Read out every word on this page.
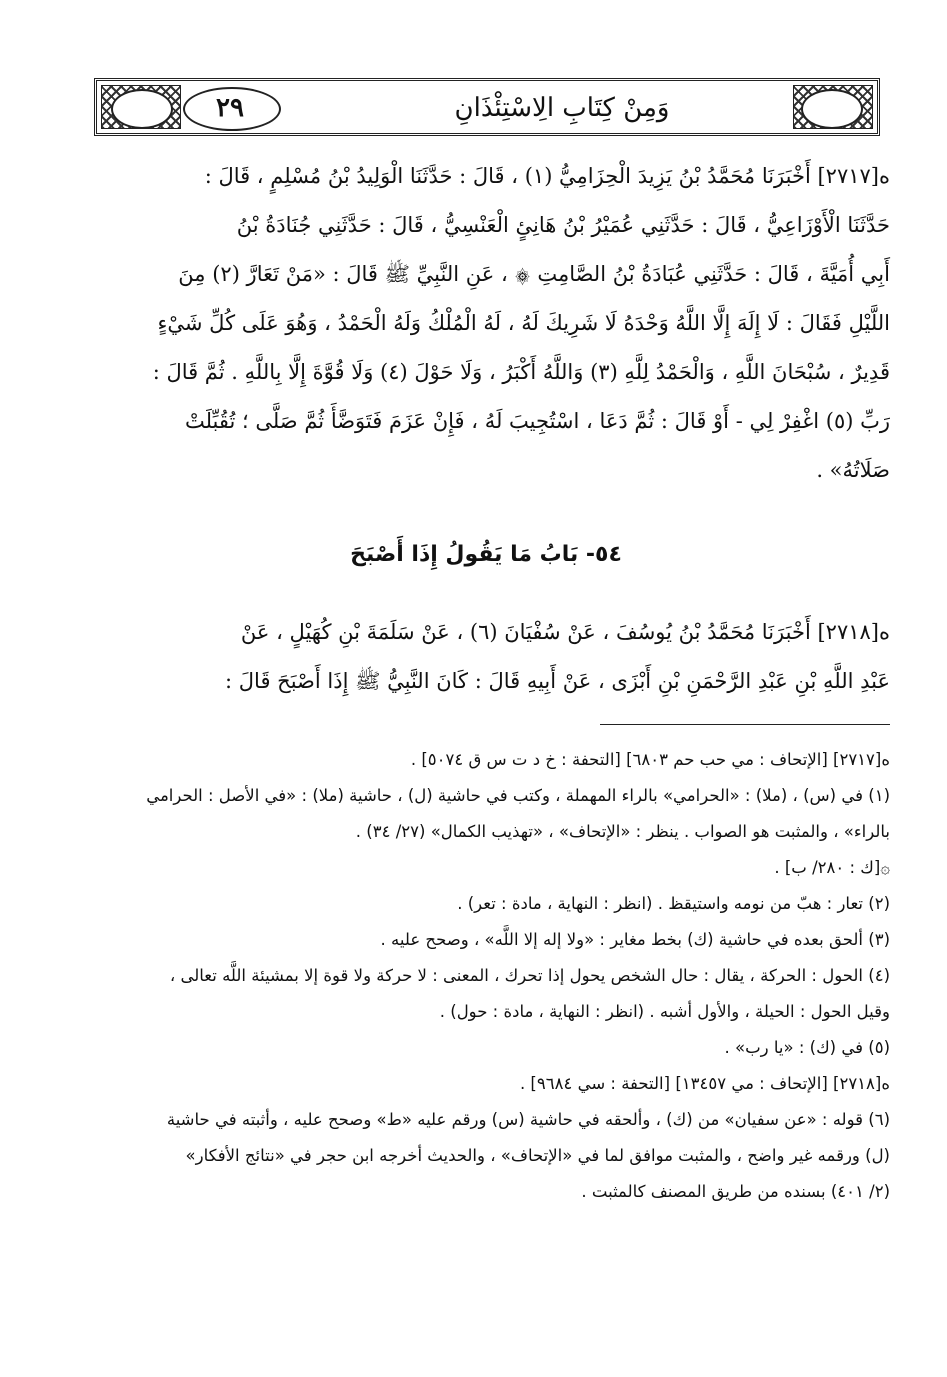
٢٩	وَمِنْ كِتَابِ الِاسْتِئْذَانِ

ه[٢٧١٧] أَخْبَرَنَا مُحَمَّدُ بْنُ يَزِيدَ الْحِزَامِيُّ (١) ، قَالَ : حَدَّثَنَا الْوَلِيدُ بْنُ مُسْلِمٍ ، قَالَ :

حَدَّثَنَا الْأَوْزَاعِيُّ ، قَالَ : حَدَّثَنِي عُمَيْرُ بْنُ هَانِئٍ الْعَنْسِيُّ ، قَالَ : حَدَّثَنِي جُنَادَةُ بْنُ

أَبِي أُمَيَّةَ ، قَالَ : حَدَّثَنِي عُبَادَةُ بْنُ الصَّامِتِ ۞ ، عَنِ النَّبِيِّ ﷺ قَالَ : «مَنْ تَعَارَّ (٢) مِنَ

اللَّيْلِ فَقَالَ : لَا إِلَهَ إِلَّا اللَّهُ وَحْدَهُ لَا شَرِيكَ لَهُ ، لَهُ الْمُلْكُ وَلَهُ الْحَمْدُ ، وَهُوَ عَلَى كُلِّ شَيْءٍ

قَدِيرٌ ، سُبْحَانَ اللَّهِ ، وَالْحَمْدُ لِلَّهِ (٣) وَاللَّهُ أَكْبَرُ ، وَلَا حَوْلَ (٤) وَلَا قُوَّةَ إِلَّا بِاللَّهِ . ثُمَّ قَالَ :

رَبِّ (٥) اغْفِرْ لِي - أَوْ قَالَ : ثُمَّ دَعَا ، اسْتُجِيبَ لَهُ ، فَإِنْ عَزَمَ فَتَوَضَّأَ ثُمَّ صَلَّى ؛ تُقُبِّلَتْ

صَلَاتُهُ» .

٥٤- بَابُ مَا يَقُولُ إِذَا أَصْبَحَ

ه[٢٧١٨] أَخْبَرَنَا مُحَمَّدُ بْنُ يُوسُفَ ، عَنْ سُفْيَانَ (٦) ، عَنْ سَلَمَةَ بْنِ كُهَيْلٍ ، عَنْ

عَبْدِ اللَّهِ بْنِ عَبْدِ الرَّحْمَنِ بْنِ أَبْزَى ، عَنْ أَبِيهِ قَالَ : كَانَ النَّبِيُّ ﷺ إِذَا أَصْبَحَ قَالَ :

ه[٢٧١٧] [الإتحاف : مي حب حم ٦٨٠٣] [التحفة : خ د ت س ق ٥٠٧٤] .

(١) في (س) ، (ملا) : «الحرامي» بالراء المهملة ، وكتب في حاشية (ل) ، حاشية (ملا) : «في الأصل : الحرامي

بالراء» ، والمثبت هو الصواب . ينظر : «الإتحاف» ، «تهذيب الكمال» (٢٧/ ٣٤) .

۞[ك : ٢٨٠/ ب] .

(٢) تعار : هبّ من نومه واستيقظ . (انظر : النهاية ، مادة : تعر) .

(٣) ألحق بعده في حاشية (ك) بخط مغاير : «ولا إله إلا اللَّه» ، وصحح عليه .

(٤) الحول : الحركة ، يقال : حال الشخص يحول إذا تحرك ، المعنى : لا حركة ولا قوة إلا بمشيئة اللَّه تعالى ،

وقيل الحول : الحيلة ، والأول أشبه . (انظر : النهاية ، مادة : حول) .

(٥) في (ك) : «يا رب» .

ه[٢٧١٨] [الإتحاف : مي ١٣٤٥٧] [التحفة : سي ٩٦٨٤] .

(٦) قوله : «عن سفيان» من (ك) ، وألحقه في حاشية (س) ورقم عليه «ط» وصحح عليه ، وأثبته في حاشية

(ل) ورقمه غير واضح ، والمثبت موافق لما في «الإتحاف» ، والحديث أخرجه ابن حجر في «نتائج الأفكار»

(٢/ ٤٠١) بسنده من طريق المصنف كالمثبت .
